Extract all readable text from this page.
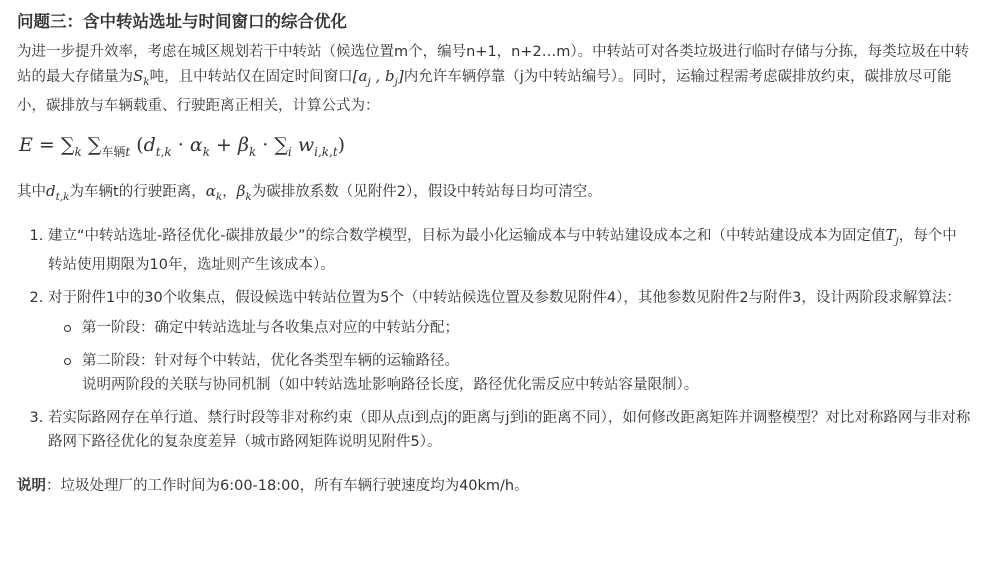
问题三：含中转站选址与时间窗口的综合优化

为进一步提升效率，考虑在城区规划若干中转站（候选位置m个，编号n+1，n+2…m）。中转站可对各类垃圾进行临时存储与分拣，每类垃圾在中转站的最大存储量为$S_k$吨，且中转站仅在固定时间窗口[$a_j$ , $b_j$]内允许车辆停靠（j为中转站编号）。同时，运输过程需考虑碳排放约束，碳排放尽可能小，碳排放与车辆载重、行驶距离正相关，计算公式为：

$E = \sum_k$ $\sum_{车辆t}$ ($d_{t,k} \cdot \alpha_k + \beta_k \cdot \sum_i$ $w_{i,k,t}$)

其中$d_{t,k}$为车辆t的行驶距离，$\alpha_k$，$\beta_k$为碳排放系数（见附件2），假设中转站每日均可清空。

1. 建立“中转站选址-路径优化-碳排放最少”的综合数学模型，目标为最小化运输成本与中转站建设成本之和（中转站建设成本为固定值$T_j$，每个中转站使用期限为10年，选址则产生该成本）。
2. 对于附件1中的30个收集点，假设候选中转站位置为5个（中转站候选位置及参数见附件4），其他参数见附件2与附件3，设计两阶段求解算法：
第一阶段：确定中转站选址与各收集点对应的中转站分配；
第二阶段：针对每个中转站，优化各类型车辆的运输路径。
说明两阶段的关联与协同机制（如中转站选址影响路径长度，路径优化需反应中转站容量限制）。
3. 若实际路网存在单行道、禁行时段等非对称约束（即从点i到点j的距离与j到i的距离不同），如何修改距离矩阵并调整模型？对比对称路网与非对称路网下路径优化的复杂度差异（城市路网矩阵说明见附件5）。

说明：垃圾处理厂的工作时间为6:00-18:00，所有车辆行驶速度均为40km/h。
